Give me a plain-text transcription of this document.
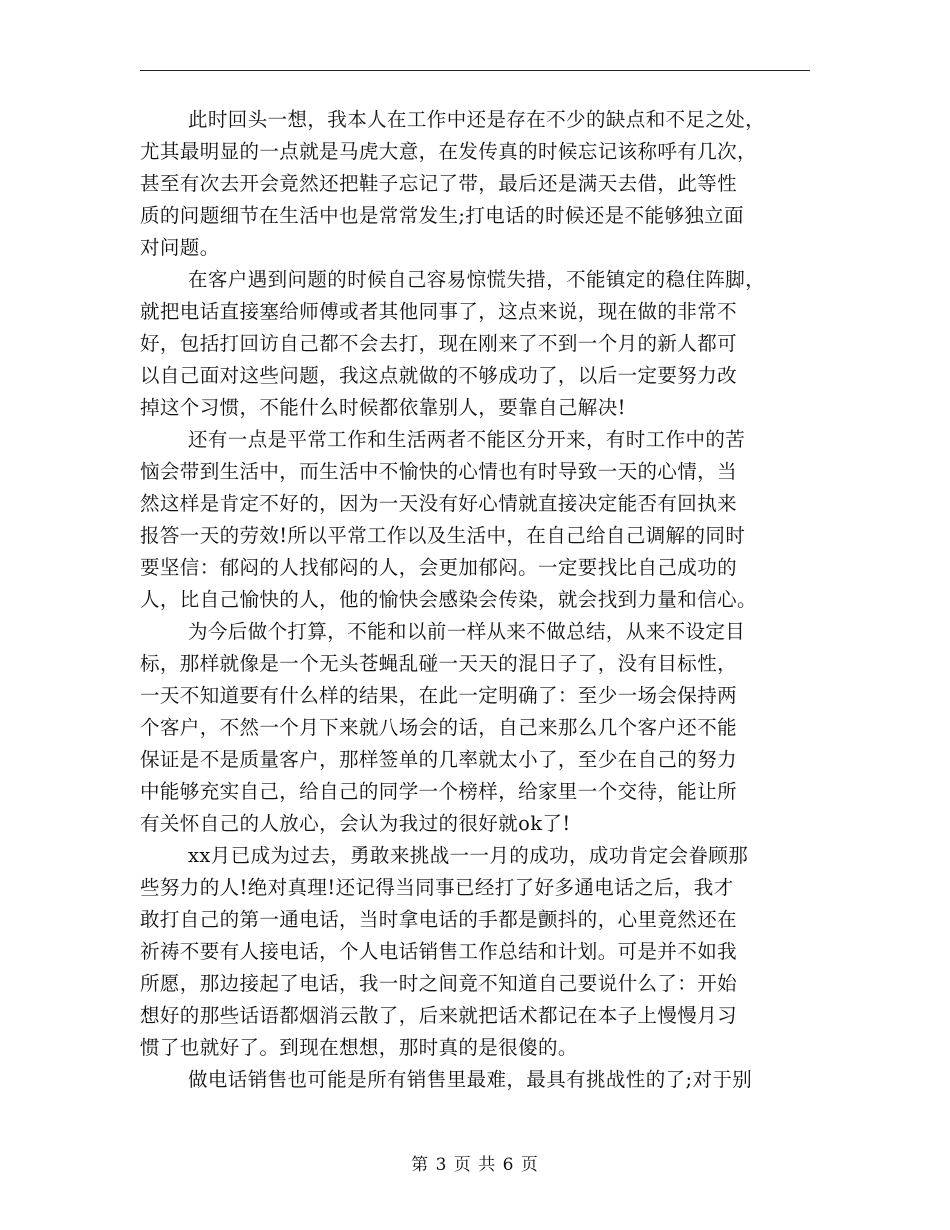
此时回头一想，我本人在工作中还是存在不少的缺点和不足之处，
尤其最明显的一点就是马虎大意，在发传真的时候忘记该称呼有几次，
甚至有次去开会竟然还把鞋子忘记了带，最后还是满天去借，此等性
质的问题细节在生活中也是常常发生;打电话的时候还是不能够独立面
对问题。
在客户遇到问题的时候自己容易惊慌失措，不能镇定的稳住阵脚，
就把电话直接塞给师傅或者其他同事了，这点来说，现在做的非常不
好，包括打回访自己都不会去打，现在刚来了不到一个月的新人都可
以自己面对这些问题，我这点就做的不够成功了，以后一定要努力改
掉这个习惯，不能什么时候都依靠别人，要靠自己解决!
还有一点是平常工作和生活两者不能区分开来，有时工作中的苦
恼会带到生活中，而生活中不愉快的心情也有时导致一天的心情，当
然这样是肯定不好的，因为一天没有好心情就直接决定能否有回执来
报答一天的劳效!所以平常工作以及生活中，在自己给自己调解的同时
要坚信：郁闷的人找郁闷的人，会更加郁闷。一定要找比自己成功的
人，比自己愉快的人，他的愉快会感染会传染，就会找到力量和信心。
为今后做个打算，不能和以前一样从来不做总结，从来不设定目
标，那样就像是一个无头苍蝇乱碰一天天的混日子了，没有目标性，
一天不知道要有什么样的结果，在此一定明确了：至少一场会保持两
个客户，不然一个月下来就八场会的话，自己来那么几个客户还不能
保证是不是质量客户，那样签单的几率就太小了，至少在自己的努力
中能够充实自己，给自己的同学一个榜样，给家里一个交待，能让所
有关怀自己的人放心，会认为我过的很好就ok了!
xx月已成为过去，勇敢来挑战一一月的成功，成功肯定会眷顾那
些努力的人!绝对真理!还记得当同事已经打了好多通电话之后，我才
敢打自己的第一通电话，当时拿电话的手都是颤抖的，心里竟然还在
祈祷不要有人接电话，个人电话销售工作总结和计划。可是并不如我
所愿，那边接起了电话，我一时之间竟不知道自己要说什么了：开始
想好的那些话语都烟消云散了，后来就把话术都记在本子上慢慢月习
惯了也就好了。到现在想想，那时真的是很傻的。
做电话销售也可能是所有销售里最难，最具有挑战性的了;对于别
第 3 页 共 6 页
